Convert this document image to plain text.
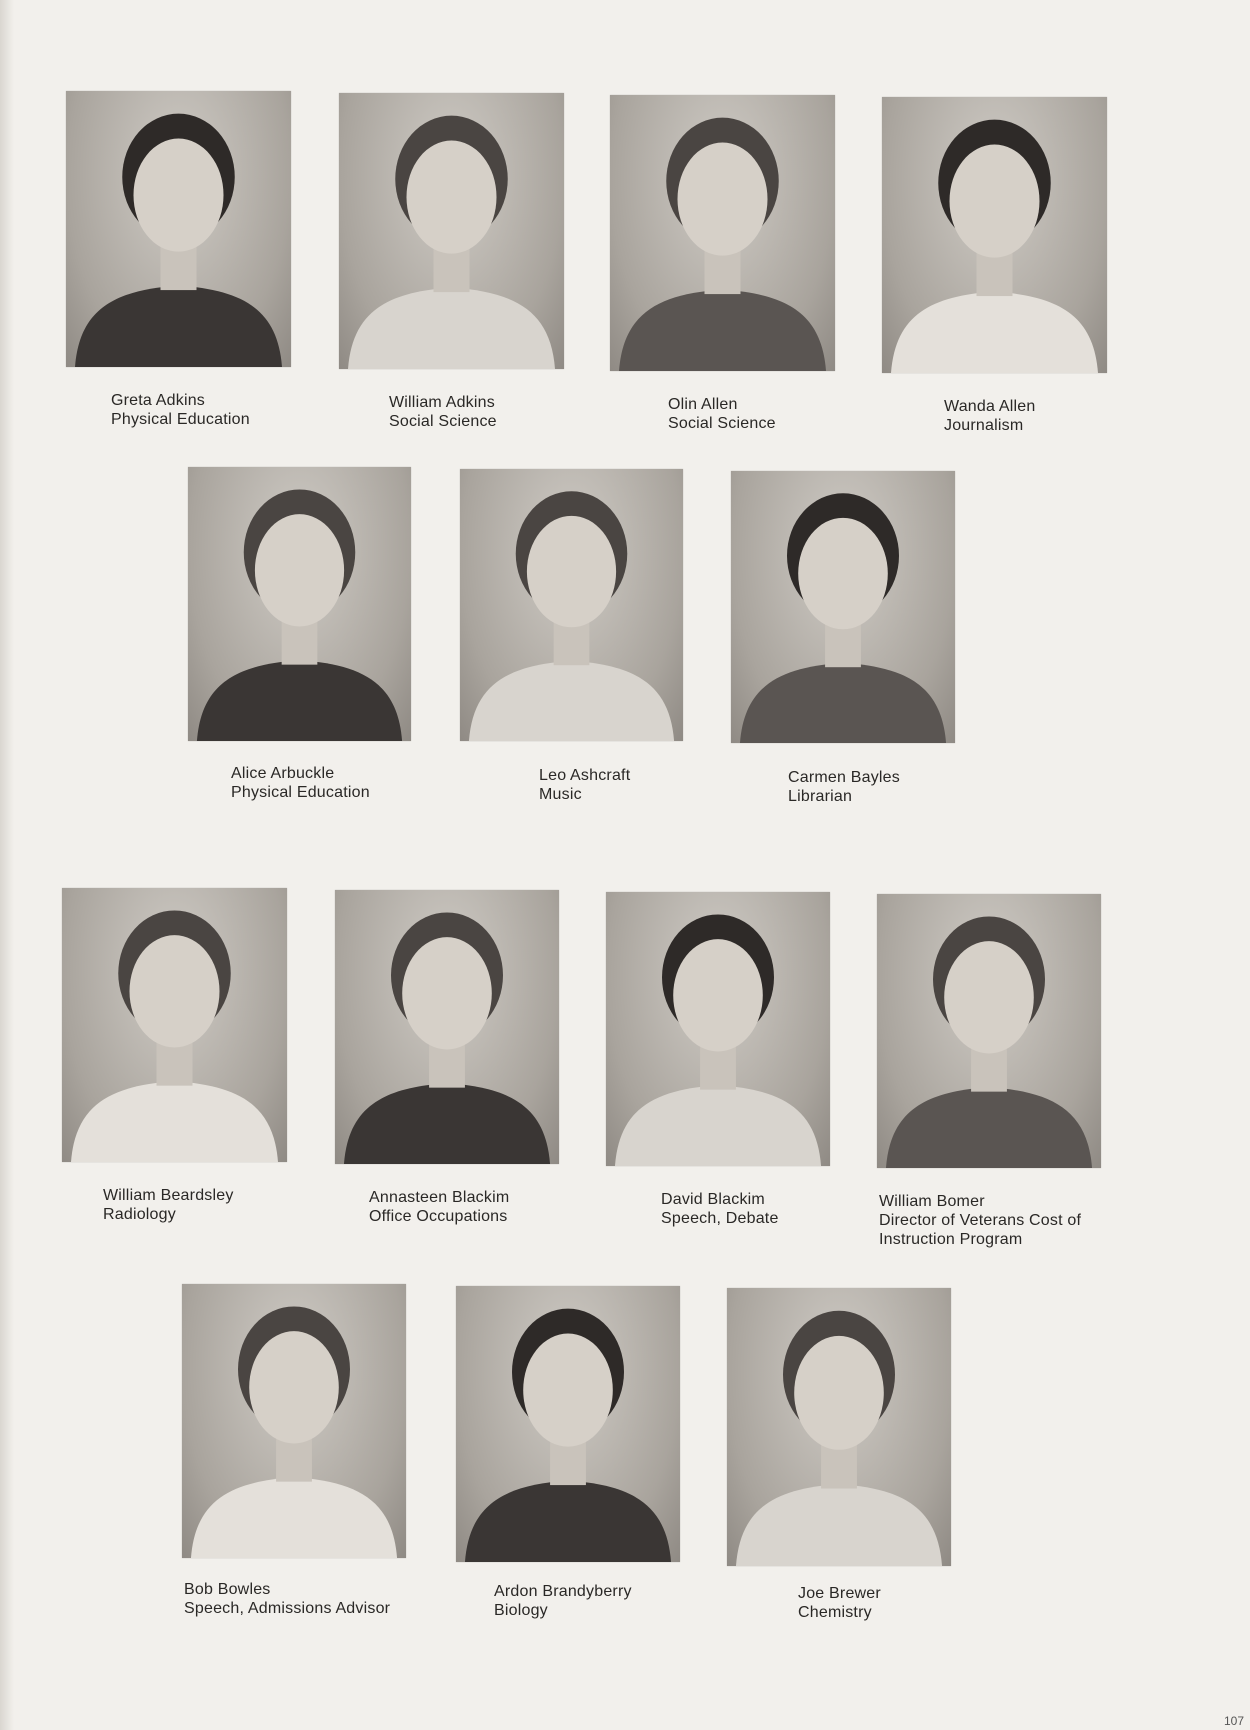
Greta Adkins
Physical Education
William Adkins
Social Science
Olin Allen
Social Science
Wanda Allen
Journalism
Alice Arbuckle
Physical Education
Leo Ashcraft
Music
Carmen Bayles
Librarian
William Beardsley
Radiology
Annasteen Blackim
Office Occupations
David Blackim
Speech, Debate
William Bomer
Director of Veterans Cost of
Instruction Program
Bob Bowles
Speech, Admissions Advisor
Ardon Brandyberry
Biology
Joe Brewer
Chemistry
107
